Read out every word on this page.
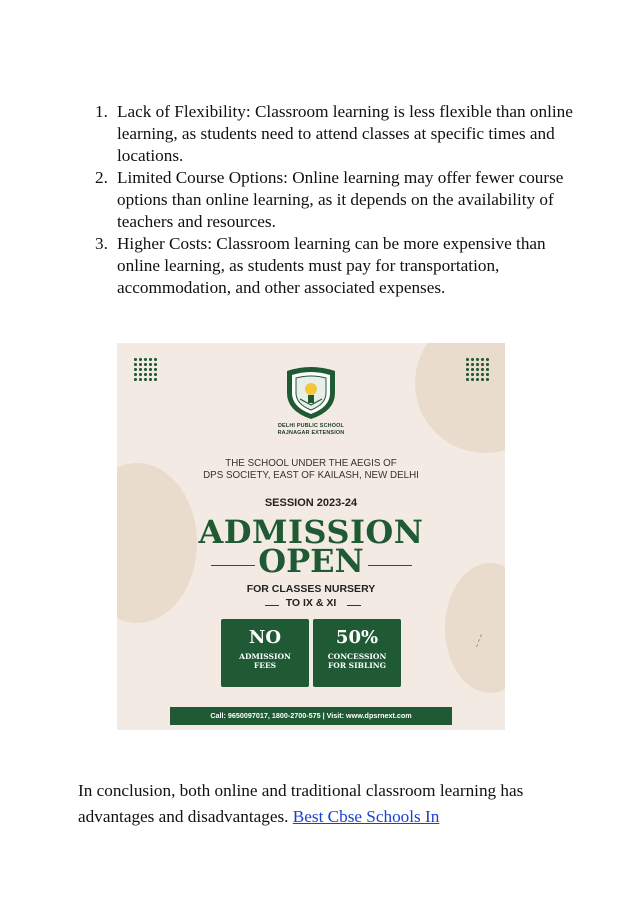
1. Lack of Flexibility: Classroom learning is less flexible than online learning, as students need to attend classes at specific times and locations.
2. Limited Course Options: Online learning may offer fewer course options than online learning, as it depends on the availability of teachers and resources.
3. Higher Costs: Classroom learning can be more expensive than online learning, as students must pay for transportation, accommodation, and other associated expenses.
DELHI PUBLIC SCHOOL
RAJNAGAR EXTENSION
THE SCHOOL UNDER THE AEGIS OF
DPS SOCIETY, EAST OF KAILASH, NEW DELHI
SESSION 2023-24
ADMISSION
OPEN
FOR CLASSES NURSERY
TO IX & XI
NO
ADMISSION
FEES
50%
CONCESSION
FOR SIBLING
~ ~ ~
Call: 9650097017, 1800-2700-575 | Visit: www.dpsrnext.com
In conclusion, both online and traditional classroom learning has advantages and disadvantages. Best Cbse Schools In
